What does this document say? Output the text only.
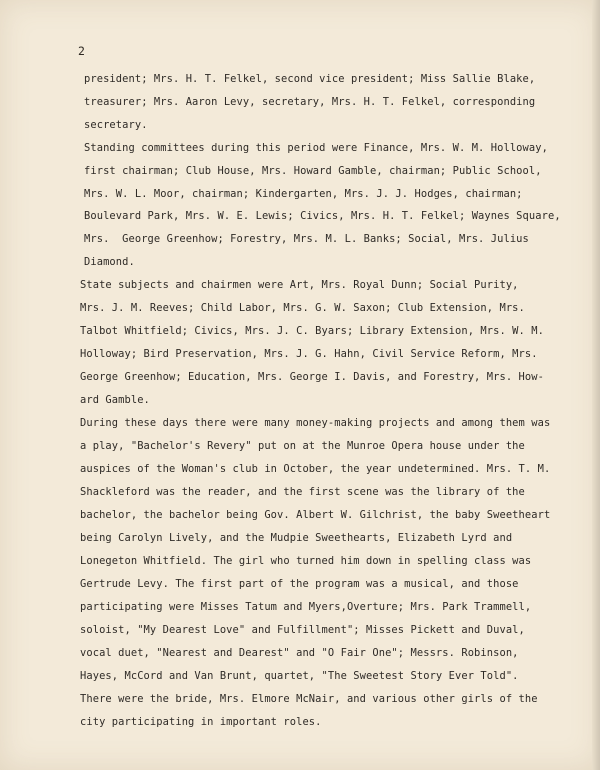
2
president; Mrs. H. T. Felkel, second vice president; Miss Sallie Blake,
treasurer; Mrs. Aaron Levy, secretary, Mrs. H. T. Felkel, corresponding
secretary.
Standing committees during this period were Finance, Mrs. W. M. Holloway,
first chairman; Club House, Mrs. Howard Gamble, chairman; Public School,
Mrs. W. L. Moor, chairman; Kindergarten, Mrs. J. J. Hodges, chairman;
Boulevard Park, Mrs. W. E. Lewis; Civics, Mrs. H. T. Felkel; Waynes Square,
Mrs.  George Greenhow; Forestry, Mrs. M. L. Banks; Social, Mrs. Julius
Diamond.
State subjects and chairmen were Art, Mrs. Royal Dunn; Social Purity,
Mrs. J. M. Reeves; Child Labor, Mrs. G. W. Saxon; Club Extension, Mrs.
Talbot Whitfield; Civics, Mrs. J. C. Byars; Library Extension, Mrs. W. M.
Holloway; Bird Preservation, Mrs. J. G. Hahn, Civil Service Reform, Mrs.
George Greenhow; Education, Mrs. George I. Davis, and Forestry, Mrs. How-
ard Gamble.
During these days there were many money-making projects and among them was
a play, "Bachelor's Revery" put on at the Munroe Opera house under the
auspices of the Woman's club in October, the year undetermined. Mrs. T. M.
Shackleford was the reader, and the first scene was the library of the
bachelor, the bachelor being Gov. Albert W. Gilchrist, the baby Sweetheart
being Carolyn Lively, and the Mudpie Sweethearts, Elizabeth Lyrd and
Lonegeton Whitfield. The girl who turned him down in spelling class was
Gertrude Levy. The first part of the program was a musical, and those
participating were Misses Tatum and Myers,Overture; Mrs. Park Trammell,
soloist, "My Dearest Love" and Fulfillment"; Misses Pickett and Duval,
vocal duet, "Nearest and Dearest" and "O Fair One"; Messrs. Robinson,
Hayes, McCord and Van Brunt, quartet, "The Sweetest Story Ever Told".
There were the bride, Mrs. Elmore McNair, and various other girls of the
city participating in important roles.
